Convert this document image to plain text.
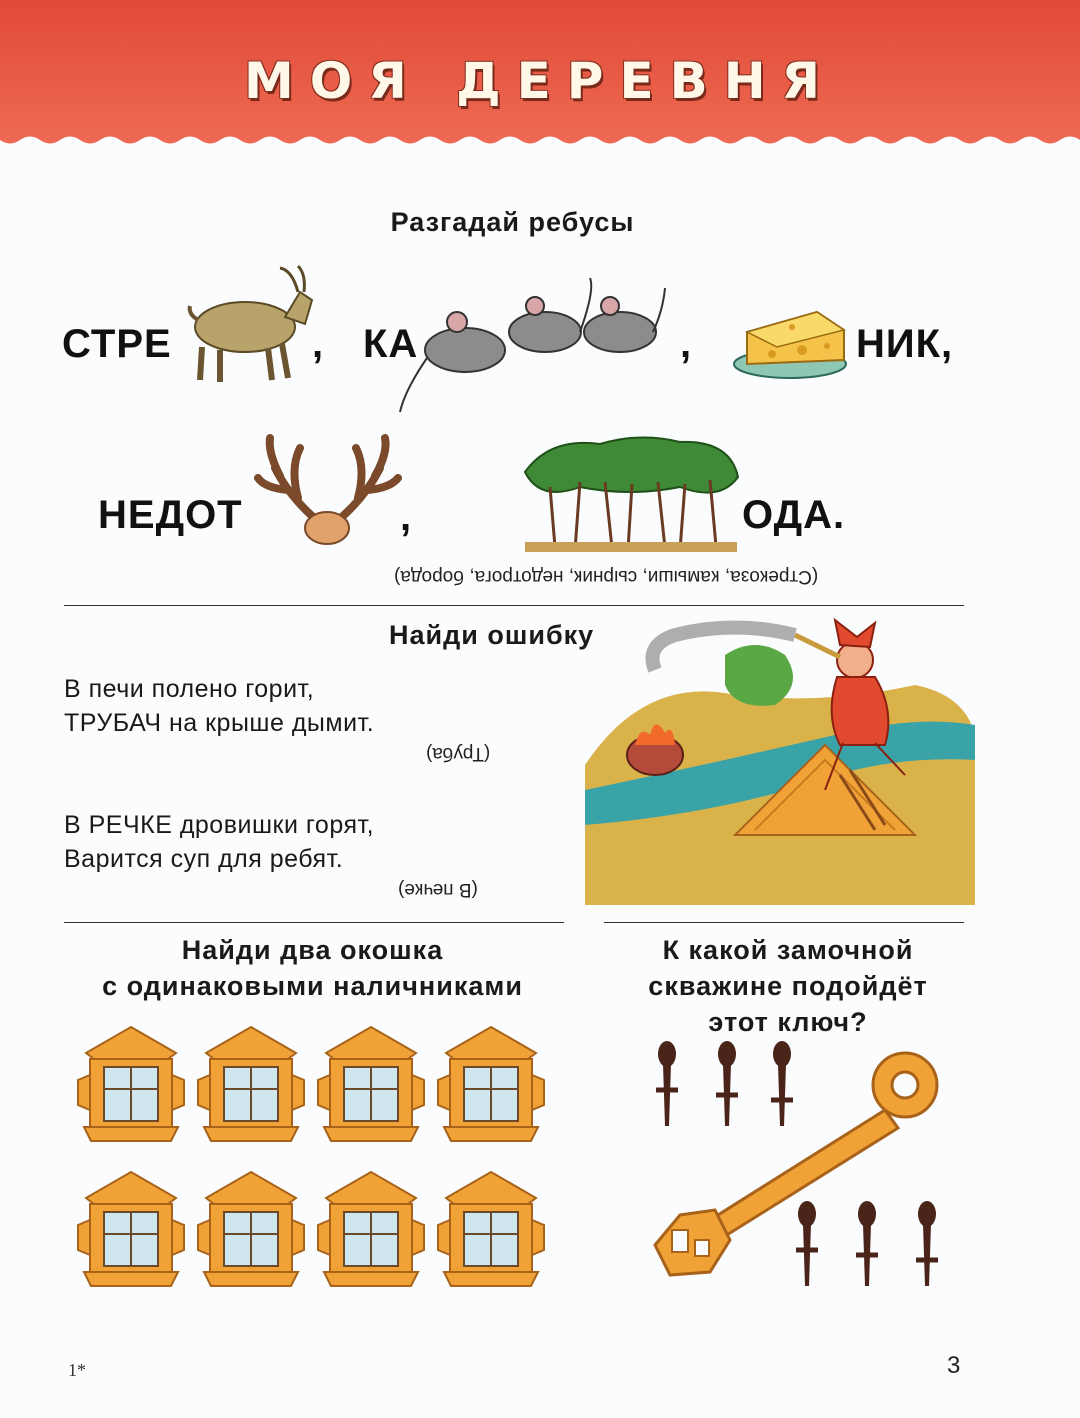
МОЯ ДЕРЕВНЯ
Разгадай ребусы
СТРЕ	, КА	,	НИК,
НЕДОТ	,	ОДА.
(Стрекоза, камыши, сырник, недотрога, борода)
Найди ошибку
В печи полено горит,
ТРУБАЧ на крыше дымит.
(Труба)
В РЕЧКЕ дровишки горят,
Варится суп для ребят.
(В печке)
Найди два окошка
с одинаковыми наличниками
К какой замочной
скважине подойдёт
этот ключ?
1*	3
